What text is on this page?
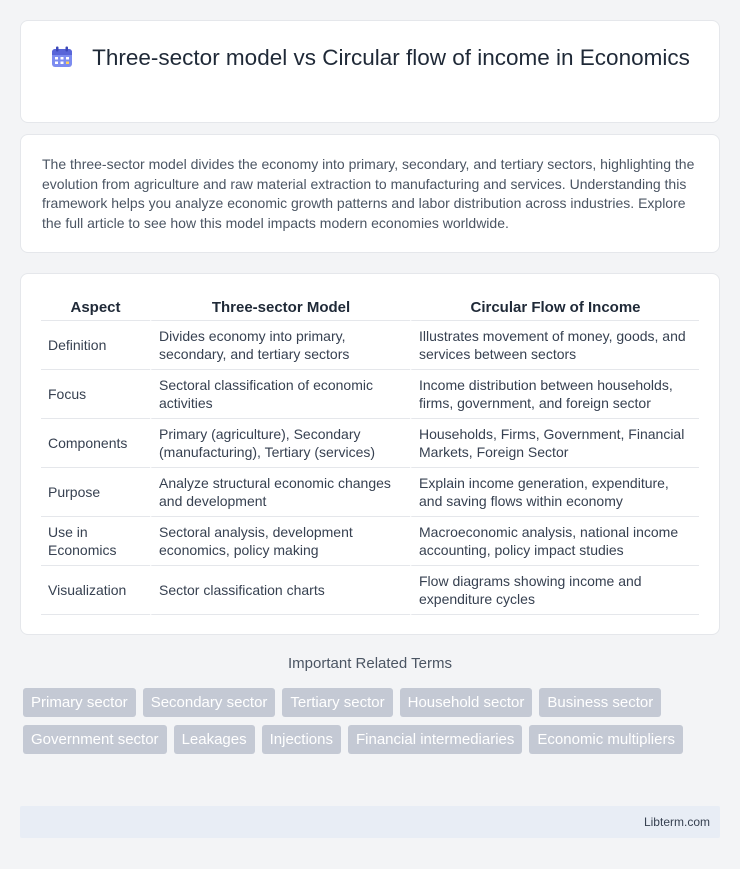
Three-sector model vs Circular flow of income in Economics

The three-sector model divides the economy into primary, secondary, and tertiary sectors, highlighting the evolution from agriculture and raw material extraction to manufacturing and services. Understanding this framework helps you analyze economic growth patterns and labor distribution across industries. Explore the full article to see how this model impacts modern economies worldwide.

Aspect	Three-sector Model	Circular Flow of Income
Definition	Divides economy into primary, secondary, and tertiary sectors	Illustrates movement of money, goods, and services between sectors
Focus	Sectoral classification of economic activities	Income distribution between households, firms, government, and foreign sector
Components	Primary (agriculture), Secondary (manufacturing), Tertiary (services)	Households, Firms, Government, Financial Markets, Foreign Sector
Purpose	Analyze structural economic changes and development	Explain income generation, expenditure, and saving flows within economy
Use in Economics	Sectoral analysis, development economics, policy making	Macroeconomic analysis, national income accounting, policy impact studies
Visualization	Sector classification charts	Flow diagrams showing income and expenditure cycles
Important Related Terms
Primary sector	Secondary sector	Tertiary sector	Household sector	Business sector
Government sector	Leakages	Injections	Financial intermediaries	Economic multipliers
Libterm.com
